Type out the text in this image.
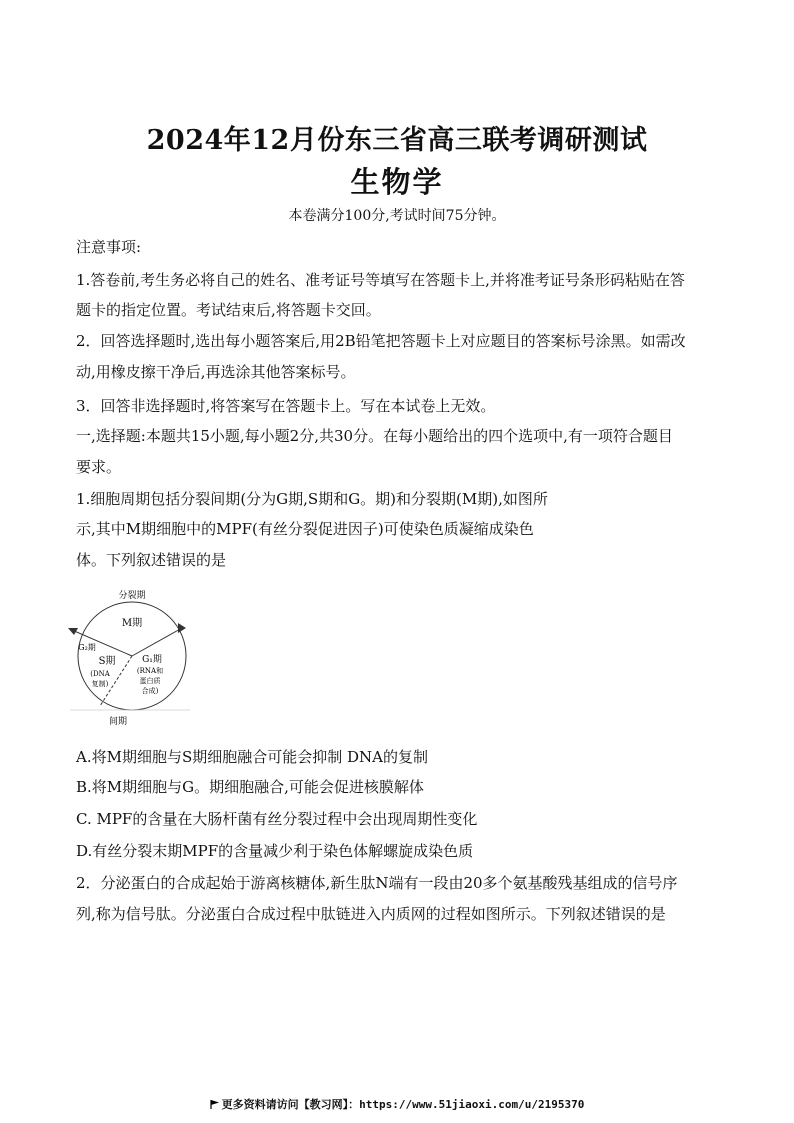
2024年12月份东三省高三联考调研测试
生物学
本卷满分100分,考试时间75分钟。
注意事项:
1.答卷前,考生务必将自己的姓名、准考证号等填写在答题卡上,并将准考证号条形码粘贴在答
题卡的指定位置。考试结束后,将答题卡交回。
2．回答选择题时,选出每小题答案后,用2B铅笔把答题卡上对应题目的答案标号涂黑。如需改
动,用橡皮擦干净后,再选涂其他答案标号。
3．回答非选择题时,将答案写在答题卡上。写在本试卷上无效。
一,选择题:本题共15小题,每小题2分,共30分。在每小题给出的四个选项中,有一项符合题目
要求。
1.细胞周期包括分裂间期(分为G期,S期和G。期)和分裂期(M期),如图所
示,其中M期细胞中的MPF(有丝分裂促进因子)可使染色质凝缩成染色
体。下列叙述错误的是
分裂期
M期
G₂期
S期
(DNA
复制)
G₁期
(RNA和
蛋白质
合成)
间期
A.将M期细胞与S期细胞融合可能会抑制 DNA的复制
B.将M期细胞与G。期细胞融合,可能会促进核膜解体
C. MPF的含量在大肠杆菌有丝分裂过程中会出现周期性变化
D.有丝分裂末期MPF的含量减少利于染色体解螺旋成染色质
2．分泌蛋白的合成起始于游离核糖体,新生肽N端有一段由20多个氨基酸残基组成的信号序
列,称为信号肽。分泌蛋白合成过程中肽链进入内质网的过程如图所示。下列叙述错误的是
更多资料请访问【教习网】：https://www.51jiaoxi.com/u/2195370
